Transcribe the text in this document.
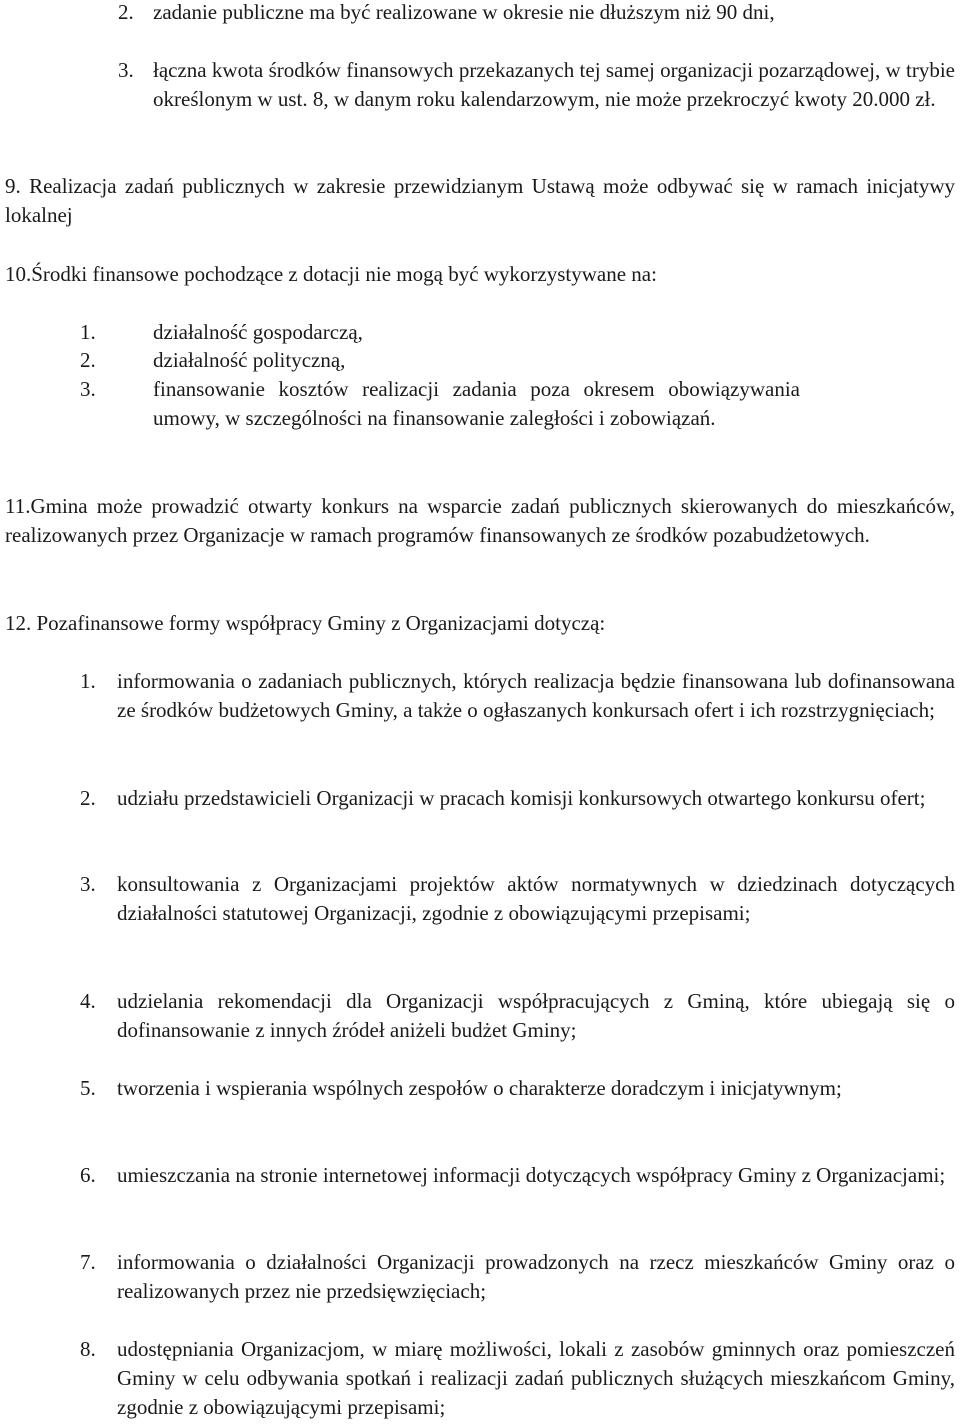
2. zadanie publiczne ma być realizowane w okresie nie dłuższym niż 90 dni,
3. łączna kwota środków finansowych przekazanych tej samej organizacji pozarządowej, w trybie określonym w ust. 8, w danym roku kalendarzowym, nie może przekroczyć kwoty 20.000 zł.
9. Realizacja zadań publicznych w zakresie przewidzianym Ustawą może odbywać się w ramach inicjatywy lokalnej
10.Środki finansowe pochodzące z dotacji nie mogą być wykorzystywane na:
1.	działalność gospodarczą,
2.	działalność polityczną,
3.	finansowanie kosztów realizacji zadania poza okresem obowiązywania umowy, w szczególności na finansowanie zaległości i zobowiązań.
11.Gmina może prowadzić otwarty konkurs na wsparcie zadań publicznych skierowanych do mieszkańców, realizowanych przez Organizacje w ramach programów finansowanych ze środków pozabudżetowych.
12. Pozafinansowe formy współpracy Gminy z Organizacjami dotyczą:
1. informowania o zadaniach publicznych, których realizacja będzie finansowana lub dofinansowana ze środków budżetowych Gminy, a także o ogłaszanych konkursach ofert i ich rozstrzygnięciach;
2. udziału przedstawicieli Organizacji w pracach komisji konkursowych otwartego konkursu ofert;
3. konsultowania z Organizacjami projektów aktów normatywnych w dziedzinach dotyczących działalności statutowej Organizacji, zgodnie z obowiązującymi przepisami;
4. udzielania rekomendacji dla Organizacji współpracujących z Gminą, które ubiegają się o dofinansowanie z innych źródeł aniżeli budżet Gminy;
5. tworzenia i wspierania wspólnych zespołów o charakterze doradczym i inicjatywnym;
6. umieszczania na stronie internetowej informacji dotyczących współpracy Gminy z Organizacjami;
7. informowania o działalności Organizacji prowadzonych na rzecz mieszkańców Gminy oraz o realizowanych przez nie przedsięwzięciach;
8. udostępniania Organizacjom, w miarę możliwości, lokali z zasobów gminnych oraz pomieszczeń Gminy w celu odbywania spotkań i realizacji zadań publicznych służących mieszkańcom Gminy, zgodnie z obowiązującymi przepisami;
